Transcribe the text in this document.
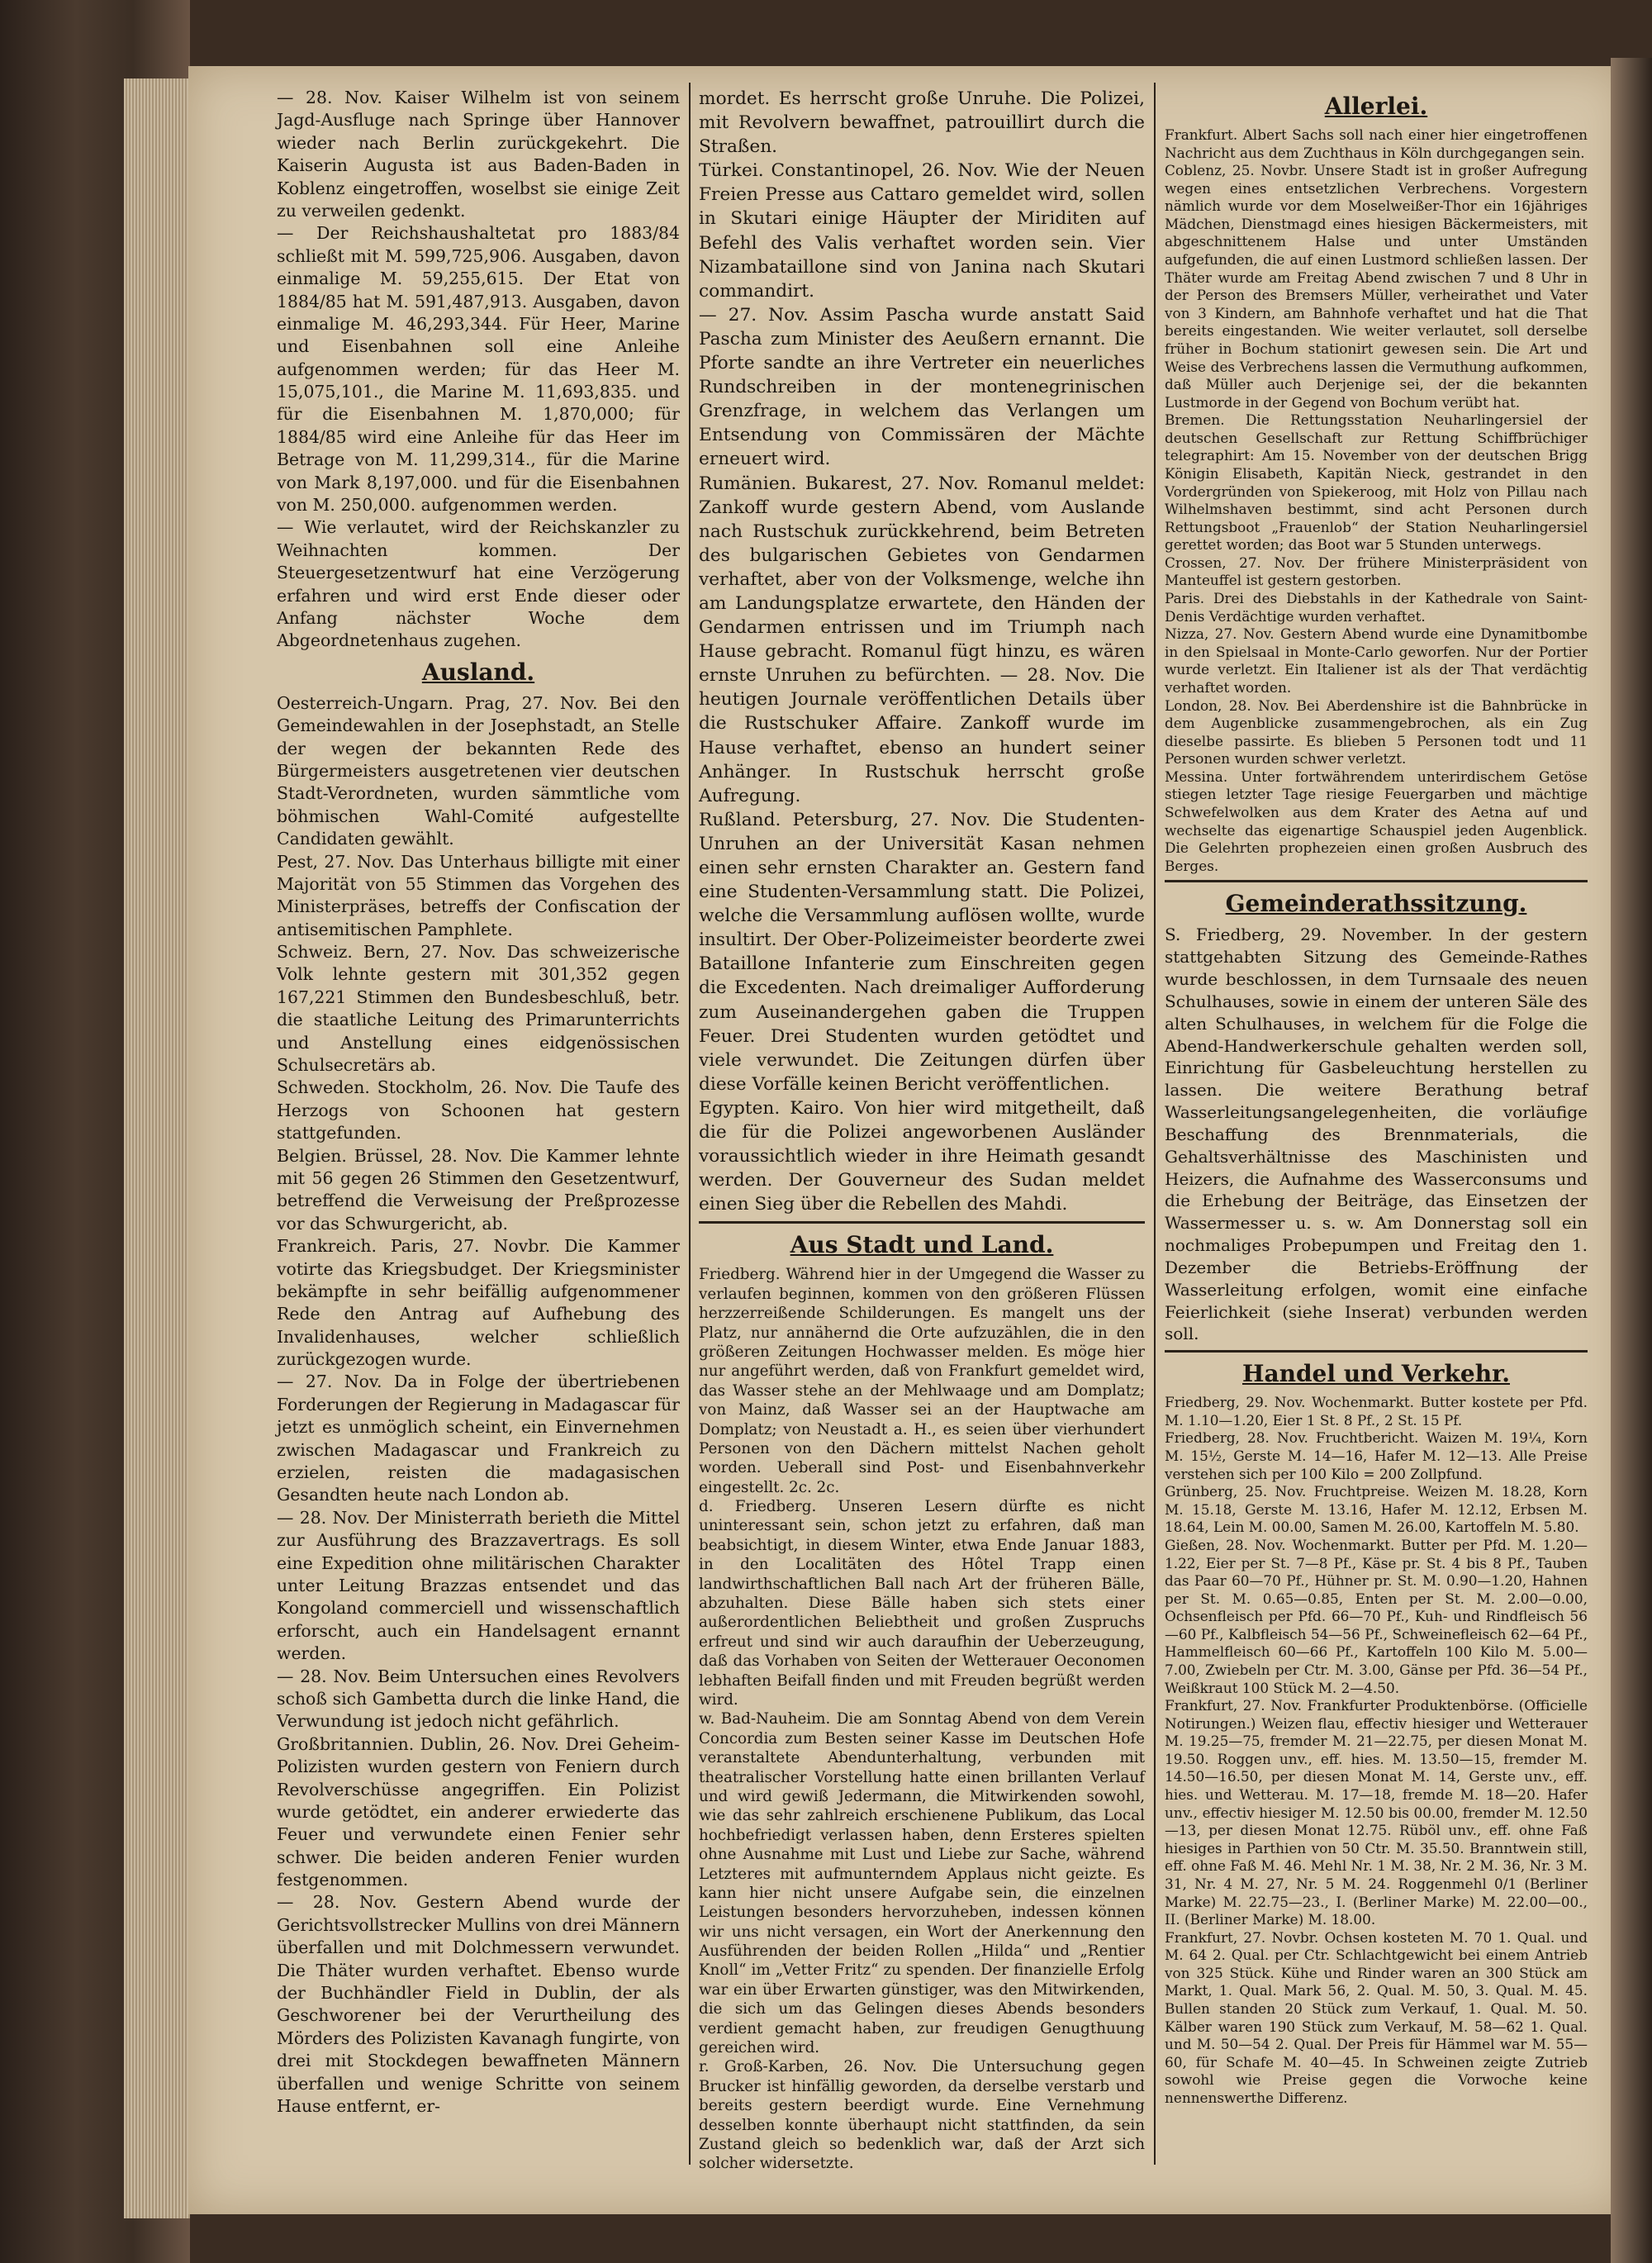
— 28. Nov. Kaiser Wilhelm ist von seinem Jagd-Ausfluge nach Springe über Hannover wieder nach Berlin zurückgekehrt. Die Kaiserin Augusta ist aus Baden-Baden in Koblenz eingetroffen, woselbst sie einige Zeit zu verweilen gedenkt.

— Der Reichshaushaltetat pro 1883/84 schließt mit M. 599,725,906. Ausgaben, davon einmalige M. 59,255,615. Der Etat von 1884/85 hat M. 591,487,913. Ausgaben, davon einmalige M. 46,293,344. Für Heer, Marine und Eisenbahnen soll eine Anleihe aufgenommen werden; für das Heer M. 15,075,101., die Marine M. 11,693,835. und für die Eisenbahnen M. 1,870,000; für 1884/85 wird eine Anleihe für das Heer im Betrage von M. 11,299,314., für die Marine von Mark 8,197,000. und für die Eisenbahnen von M. 250,000. aufgenommen werden.

— Wie verlautet, wird der Reichskanzler zu Weihnachten kommen. Der Steuergesetzentwurf hat eine Verzögerung erfahren und wird erst Ende dieser oder Anfang nächster Woche dem Abgeordnetenhaus zugehen.

Ausland.

Oesterreich-Ungarn. Prag, 27. Nov. Bei den Gemeindewahlen in der Josephstadt, an Stelle der wegen der bekannten Rede des Bürgermeisters ausgetretenen vier deutschen Stadt-Verordneten, wurden sämmtliche vom böhmischen Wahl-Comité aufgestellte Candidaten gewählt.

Pest, 27. Nov. Das Unterhaus billigte mit einer Majorität von 55 Stimmen das Vorgehen des Ministerpräses, betreffs der Confiscation der antisemitischen Pamphlete.

Schweiz. Bern, 27. Nov. Das schweizerische Volk lehnte gestern mit 301,352 gegen 167,221 Stimmen den Bundesbeschluß, betr. die staatliche Leitung des Primarunterrichts und Anstellung eines eidgenössischen Schulsecretärs ab.

Schweden. Stockholm, 26. Nov. Die Taufe des Herzogs von Schoonen hat gestern stattgefunden.

Belgien. Brüssel, 28. Nov. Die Kammer lehnte mit 56 gegen 26 Stimmen den Gesetzentwurf, betreffend die Verweisung der Preßprozesse vor das Schwurgericht, ab.

Frankreich. Paris, 27. Novbr. Die Kammer votirte das Kriegsbudget. Der Kriegsminister bekämpfte in sehr beifällig aufgenommener Rede den Antrag auf Aufhebung des Invalidenhauses, welcher schließlich zurückgezogen wurde.

— 27. Nov. Da in Folge der übertriebenen Forderungen der Regierung in Madagascar für jetzt es unmöglich scheint, ein Einvernehmen zwischen Madagascar und Frankreich zu erzielen, reisten die madagasischen Gesandten heute nach London ab.

— 28. Nov. Der Ministerrath berieth die Mittel zur Ausführung des Brazzavertrags. Es soll eine Expedition ohne militärischen Charakter unter Leitung Brazzas entsendet und das Kongoland commerciell und wissenschaftlich erforscht, auch ein Handelsagent ernannt werden.

— 28. Nov. Beim Untersuchen eines Revolvers schoß sich Gambetta durch die linke Hand, die Verwundung ist jedoch nicht gefährlich.

Großbritannien. Dublin, 26. Nov. Drei Geheim-Polizisten wurden gestern von Feniern durch Revolverschüsse angegriffen. Ein Polizist wurde getödtet, ein anderer erwiederte das Feuer und verwundete einen Fenier sehr schwer. Die beiden anderen Fenier wurden festgenommen.

— 28. Nov. Gestern Abend wurde der Gerichtsvollstrecker Mullins von drei Männern überfallen und mit Dolchmessern verwundet. Die Thäter wurden verhaftet. Ebenso wurde der Buchhändler Field in Dublin, der als Geschworener bei der Verurtheilung des Mörders des Polizisten Kavanagh fungirte, von drei mit Stockdegen bewaffneten Männern überfallen und wenige Schritte von seinem Hause entfernt, er-

mordet. Es herrscht große Unruhe. Die Polizei, mit Revolvern bewaffnet, patrouillirt durch die Straßen.

Türkei. Constantinopel, 26. Nov. Wie der Neuen Freien Presse aus Cattaro gemeldet wird, sollen in Skutari einige Häupter der Miriditen auf Befehl des Valis verhaftet worden sein. Vier Nizambataillone sind von Janina nach Skutari commandirt.

— 27. Nov. Assim Pascha wurde anstatt Said Pascha zum Minister des Aeußern ernannt. Die Pforte sandte an ihre Vertreter ein neuerliches Rundschreiben in der montenegrinischen Grenzfrage, in welchem das Verlangen um Entsendung von Commissären der Mächte erneuert wird.

Rumänien. Bukarest, 27. Nov. Romanul meldet: Zankoff wurde gestern Abend, vom Auslande nach Rustschuk zurückkehrend, beim Betreten des bulgarischen Gebietes von Gendarmen verhaftet, aber von der Volksmenge, welche ihn am Landungsplatze erwartete, den Händen der Gendarmen entrissen und im Triumph nach Hause gebracht. Romanul fügt hinzu, es wären ernste Unruhen zu befürchten. — 28. Nov. Die heutigen Journale veröffentlichen Details über die Rustschuker Affaire. Zankoff wurde im Hause verhaftet, ebenso an hundert seiner Anhänger. In Rustschuk herrscht große Aufregung.

Rußland. Petersburg, 27. Nov. Die Studenten-Unruhen an der Universität Kasan nehmen einen sehr ernsten Charakter an. Gestern fand eine Studenten-Versammlung statt. Die Polizei, welche die Versammlung auflösen wollte, wurde insultirt. Der Ober-Polizeimeister beorderte zwei Bataillone Infanterie zum Einschreiten gegen die Excedenten. Nach dreimaliger Aufforderung zum Auseinandergehen gaben die Truppen Feuer. Drei Studenten wurden getödtet und viele verwundet. Die Zeitungen dürfen über diese Vorfälle keinen Bericht veröffentlichen.

Egypten. Kairo. Von hier wird mitgetheilt, daß die für die Polizei angeworbenen Ausländer voraussichtlich wieder in ihre Heimath gesandt werden. Der Gouverneur des Sudan meldet einen Sieg über die Rebellen des Mahdi.

Aus Stadt und Land.

Friedberg. Während hier in der Umgegend die Wasser zu verlaufen beginnen, kommen von den größeren Flüssen herzzerreißende Schilderungen. Es mangelt uns der Platz, nur annähernd die Orte aufzuzählen, die in den größeren Zeitungen Hochwasser melden. Es möge hier nur angeführt werden, daß von Frankfurt gemeldet wird, das Wasser stehe an der Mehlwaage und am Domplatz; von Mainz, daß Wasser sei an der Hauptwache am Domplatz; von Neustadt a. H., es seien über vierhundert Personen von den Dächern mittelst Nachen geholt worden. Ueberall sind Post- und Eisenbahnverkehr eingestellt. 2c. 2c.

d. Friedberg. Unseren Lesern dürfte es nicht uninteressant sein, schon jetzt zu erfahren, daß man beabsichtigt, in diesem Winter, etwa Ende Januar 1883, in den Localitäten des Hôtel Trapp einen landwirthschaftlichen Ball nach Art der früheren Bälle, abzuhalten. Diese Bälle haben sich stets einer außerordentlichen Beliebtheit und großen Zuspruchs erfreut und sind wir auch daraufhin der Ueberzeugung, daß das Vorhaben von Seiten der Wetterauer Oeconomen lebhaften Beifall finden und mit Freuden begrüßt werden wird.

w. Bad-Nauheim. Die am Sonntag Abend von dem Verein Concordia zum Besten seiner Kasse im Deutschen Hofe veranstaltete Abendunterhaltung, verbunden mit theatralischer Vorstellung hatte einen brillanten Verlauf und wird gewiß Jedermann, die Mitwirkenden sowohl, wie das sehr zahlreich erschienene Publikum, das Local hochbefriedigt verlassen haben, denn Ersteres spielten ohne Ausnahme mit Lust und Liebe zur Sache, während Letzteres mit aufmunterndem Applaus nicht geizte. Es kann hier nicht unsere Aufgabe sein, die einzelnen Leistungen besonders hervorzuheben, indessen können wir uns nicht versagen, ein Wort der Anerkennung den Ausführenden der beiden Rollen „Hilda“ und „Rentier Knoll“ im „Vetter Fritz“ zu spenden. Der finanzielle Erfolg war ein über Erwarten günstiger, was den Mitwirkenden, die sich um das Gelingen dieses Abends besonders verdient gemacht haben, zur freudigen Genugthuung gereichen wird.

r. Groß-Karben, 26. Nov. Die Untersuchung gegen Brucker ist hinfällig geworden, da derselbe verstarb und bereits gestern beerdigt wurde. Eine Vernehmung desselben konnte überhaupt nicht stattfinden, da sein Zustand gleich so bedenklich war, daß der Arzt sich solcher widersetzte.

Allerlei.

Frankfurt. Albert Sachs soll nach einer hier eingetroffenen Nachricht aus dem Zuchthaus in Köln durchgegangen sein.

Coblenz, 25. Novbr. Unsere Stadt ist in großer Aufregung wegen eines entsetzlichen Verbrechens. Vorgestern nämlich wurde vor dem Moselweißer-Thor ein 16jähriges Mädchen, Dienstmagd eines hiesigen Bäckermeisters, mit abgeschnittenem Halse und unter Umständen aufgefunden, die auf einen Lustmord schließen lassen. Der Thäter wurde am Freitag Abend zwischen 7 und 8 Uhr in der Person des Bremsers Müller, verheirathet und Vater von 3 Kindern, am Bahnhofe verhaftet und hat die That bereits eingestanden. Wie weiter verlautet, soll derselbe früher in Bochum stationirt gewesen sein. Die Art und Weise des Verbrechens lassen die Vermuthung aufkommen, daß Müller auch Derjenige sei, der die bekannten Lustmorde in der Gegend von Bochum verübt hat.

Bremen. Die Rettungsstation Neuharlingersiel der deutschen Gesellschaft zur Rettung Schiffbrüchiger telegraphirt: Am 15. November von der deutschen Brigg Königin Elisabeth, Kapitän Nieck, gestrandet in den Vordergründen von Spiekeroog, mit Holz von Pillau nach Wilhelmshaven bestimmt, sind acht Personen durch Rettungsboot „Frauenlob“ der Station Neuharlingersiel gerettet worden; das Boot war 5 Stunden unterwegs.

Crossen, 27. Nov. Der frühere Ministerpräsident von Manteuffel ist gestern gestorben.

Paris. Drei des Diebstahls in der Kathedrale von Saint-Denis Verdächtige wurden verhaftet.

Nizza, 27. Nov. Gestern Abend wurde eine Dynamitbombe in den Spielsaal in Monte-Carlo geworfen. Nur der Portier wurde verletzt. Ein Italiener ist als der That verdächtig verhaftet worden.

London, 28. Nov. Bei Aberdenshire ist die Bahnbrücke in dem Augenblicke zusammengebrochen, als ein Zug dieselbe passirte. Es blieben 5 Personen todt und 11 Personen wurden schwer verletzt.

Messina. Unter fortwährendem unterirdischem Getöse stiegen letzter Tage riesige Feuergarben und mächtige Schwefelwolken aus dem Krater des Aetna auf und wechselte das eigenartige Schauspiel jeden Augenblick. Die Gelehrten prophezeien einen großen Ausbruch des Berges.

Gemeinderathssitzung.

S. Friedberg, 29. November. In der gestern stattgehabten Sitzung des Gemeinde-Rathes wurde beschlossen, in dem Turnsaale des neuen Schulhauses, sowie in einem der unteren Säle des alten Schulhauses, in welchem für die Folge die Abend-Handwerkerschule gehalten werden soll, Einrichtung für Gasbeleuchtung herstellen zu lassen. Die weitere Berathung betraf Wasserleitungsangelegenheiten, die vorläufige Beschaffung des Brennmaterials, die Gehaltsverhältnisse des Maschinisten und Heizers, die Aufnahme des Wasserconsums und die Erhebung der Beiträge, das Einsetzen der Wassermesser u. s. w. Am Donnerstag soll ein nochmaliges Probepumpen und Freitag den 1. Dezember die Betriebs-Eröffnung der Wasserleitung erfolgen, womit eine einfache Feierlichkeit (siehe Inserat) verbunden werden soll.

Handel und Verkehr.

Friedberg, 29. Nov. Wochenmarkt. Butter kostete per Pfd. M. 1.10—1.20, Eier 1 St. 8 Pf., 2 St. 15 Pf.

Friedberg, 28. Nov. Fruchtbericht. Waizen M. 19¼, Korn M. 15½, Gerste M. 14—16, Hafer M. 12—13. Alle Preise verstehen sich per 100 Kilo = 200 Zollpfund.

Grünberg, 25. Nov. Fruchtpreise. Weizen M. 18.28, Korn M. 15.18, Gerste M. 13.16, Hafer M. 12.12, Erbsen M. 18.64, Lein M. 00.00, Samen M. 26.00, Kartoffeln M. 5.80.

Gießen, 28. Nov. Wochenmarkt. Butter per Pfd. M. 1.20—1.22, Eier per St. 7—8 Pf., Käse pr. St. 4 bis 8 Pf., Tauben das Paar 60—70 Pf., Hühner pr. St. M. 0.90—1.20, Hahnen per St. M. 0.65—0.85, Enten per St. M. 2.00—0.00, Ochsenfleisch per Pfd. 66—70 Pf., Kuh- und Rindfleisch 56—60 Pf., Kalbfleisch 54—56 Pf., Schweinefleisch 62—64 Pf., Hammelfleisch 60—66 Pf., Kartoffeln 100 Kilo M. 5.00—7.00, Zwiebeln per Ctr. M. 3.00, Gänse per Pfd. 36—54 Pf., Weißkraut 100 Stück M. 2—4.50.

Frankfurt, 27. Nov. Frankfurter Produktenbörse. (Officielle Notirungen.) Weizen flau, effectiv hiesiger und Wetterauer M. 19.25—75, fremder M. 21—22.75, per diesen Monat M. 19.50. Roggen unv., eff. hies. M. 13.50—15, fremder M. 14.50—16.50, per diesen Monat M. 14, Gerste unv., eff. hies. und Wetterau. M. 17—18, fremde M. 18—20. Hafer unv., effectiv hiesiger M. 12.50 bis 00.00, fremder M. 12.50—13, per diesen Monat 12.75. Rüböl unv., eff. ohne Faß hiesiges in Parthien von 50 Ctr. M. 35.50. Branntwein still, eff. ohne Faß M. 46. Mehl Nr. 1 M. 38, Nr. 2 M. 36, Nr. 3 M. 31, Nr. 4 M. 27, Nr. 5 M. 24. Roggenmehl 0/1 (Berliner Marke) M. 22.75—23., I. (Berliner Marke) M. 22.00—00., II. (Berliner Marke) M. 18.00.

Frankfurt, 27. Novbr. Ochsen kosteten M. 70 1. Qual. und M. 64 2. Qual. per Ctr. Schlachtgewicht bei einem Antrieb von 325 Stück. Kühe und Rinder waren an 300 Stück am Markt, 1. Qual. Mark 56, 2. Qual. M. 50, 3. Qual. M. 45. Bullen standen 20 Stück zum Verkauf, 1. Qual. M. 50. Kälber waren 190 Stück zum Verkauf, M. 58—62 1. Qual. und M. 50—54 2. Qual. Der Preis für Hämmel war M. 55—60, für Schafe M. 40—45. In Schweinen zeigte Zutrieb sowohl wie Preise gegen die Vorwoche keine nennenswerthe Differenz.
